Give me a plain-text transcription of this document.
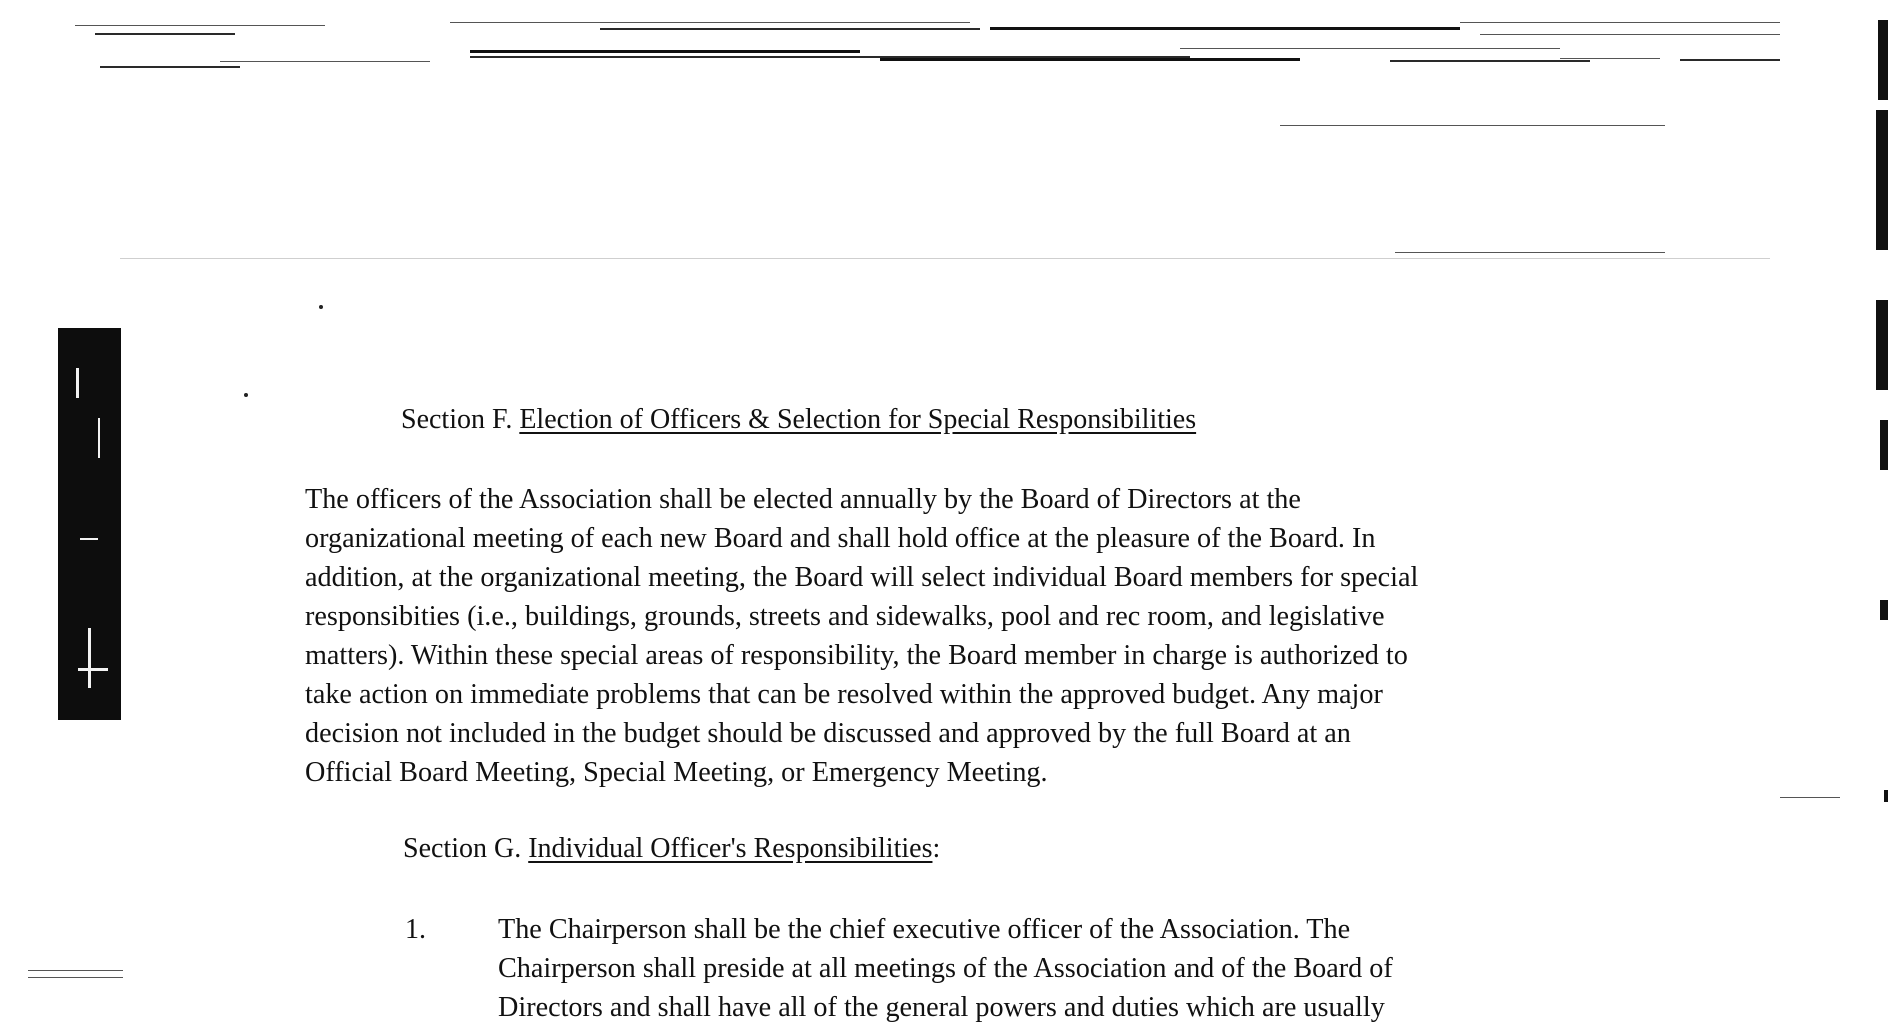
Section F. Election of Officers & Selection for Special Responsibilities

The officers of the Association shall be elected annually by the Board of Directors at the
organizational meeting of each new Board and shall hold office at the pleasure of the Board. In
addition, at the organizational meeting, the Board will select individual Board members for special
responsibities (i.e., buildings, grounds, streets and sidewalks, pool and rec room, and legislative
matters). Within these special areas of responsibility, the Board member in charge is authorized to
take action on immediate problems that can be resolved within the approved budget. Any major
decision not included in the budget should be discussed and approved by the full Board at an
Official Board Meeting, Special Meeting, or Emergency Meeting.

Section G. Individual Officer's Responsibilities:
1.	The Chairperson shall be the chief executive officer of the Association. The
Chairperson shall preside at all meetings of the Association and of the Board of
Directors and shall have all of the general powers and duties which are usually
